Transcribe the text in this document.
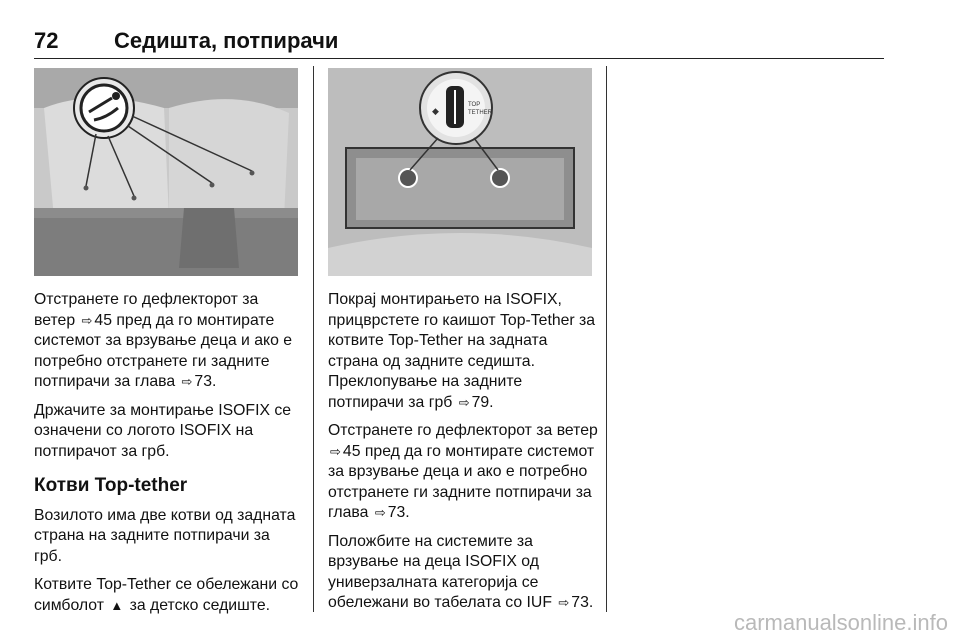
72	Седишта, потпирачи
◆
TOP
TETHER

Отстранете го дефлекторот за ветер ⇨ 45 пред да го монтирате системот за врзување деца и ако е потребно отстранете ги задните потпирачи за глава ⇨ 73.

Држачите за монтирање ISOFIX се означени со логото ISOFIX на потпирачот за грб.

Котви Top-tether

Возилото има две котви од задната страна на задните потпирачи за грб.

Котвите Top-Tether се обележани со симболот ▲ за детско седиште.

Покрај монтирањето на ISOFIX, прицврстете го каишот Top-Tether за котвите Top-Tether на задната страна од задните седишта. Преклопување на задните потпирачи за грб ⇨ 79.

Отстранете го дефлекторот за ветер ⇨ 45 пред да го монтирате системот за врзување деца и ако е потребно отстранете ги задните потпирачи за глава ⇨ 73.

Положбите на системите за врзување на деца ISOFIX од универзалната категорија се обележани во табелата со IUF ⇨ 73.

carmanualsonline.info
